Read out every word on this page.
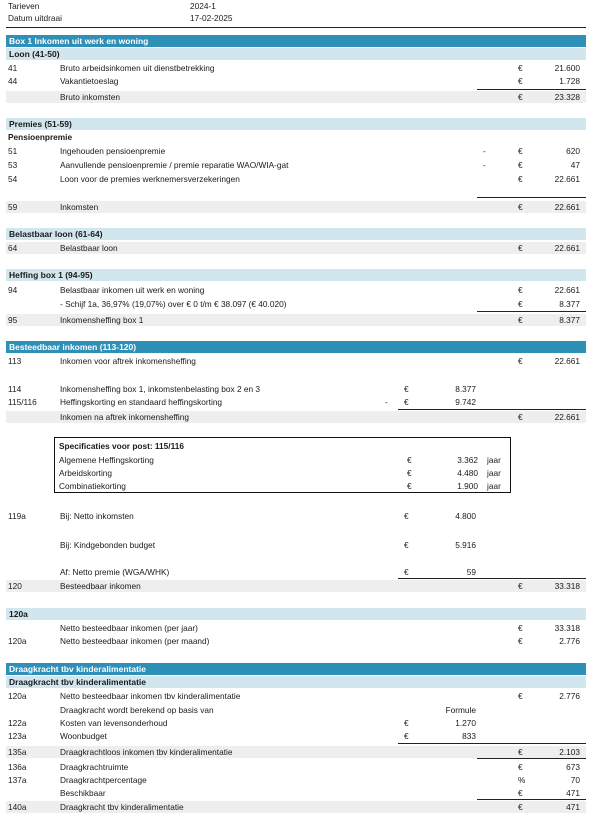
Tarieven	2024-1
Datum uitdraai	17-02-2025
Box 1 Inkomen uit werk en woning
Loon (41-50)
41	Bruto arbeidsinkomen uit dienstbetrekking	€	21.600
44	Vakantietoeslag	€	1.728
Bruto inkomsten	€	23.328
Premies (51-59)
Pensioenpremie
51	Ingehouden pensioenpremie	-	€	620
53	Aanvullende pensioenpremie / premie reparatie WAO/WIA-gat	-	€	47
54	Loon voor de premies werknemersverzekeringen	€	22.661
59	Inkomsten	€	22.661
Belastbaar loon (61-64)
64	Belastbaar loon	€	22.661
Heffing box 1 (94-95)
94	Belastbaar inkomen uit werk en woning	€	22.661
- Schijf 1a, 36,97% (19,07%) over € 0 t/m € 38.097 (€ 40.020)	€	8.377
95	Inkomensheffing box 1	€	8.377
Besteedbaar inkomen (113-120)
113	Inkomen voor aftrek inkomensheffing	€	22.661
114	Inkomensheffing box 1, inkomstenbelasting box 2 en 3	€	8.377
115/116	Heffingskorting en standaard heffingskorting	- €	9.742
Inkomen na aftrek inkomensheffing	€	22.661
Specificaties voor post: 115/116
Algemene Heffingskorting	€	3.362 jaar
Arbeidskorting	€	4.480 jaar
Combinatiekorting	€	1.900 jaar
119a	Bij: Netto inkomsten	€	4.800
Bij: Kindgebonden budget	€	5.916
Af: Netto premie (WGA/WHK)	€	59
120	Besteedbaar inkomen	€	33.318
120a
Netto besteedbaar inkomen (per jaar)	€	33.318
120a	Netto besteedbaar inkomen (per maand)	€	2.776
Draagkracht tbv kinderalimentatie
Draagkracht tbv kinderalimentatie
120a	Netto besteedbaar inkomen tbv kinderalimentatie	€	2.776
Draagkracht wordt berekend op basis van	Formule
122a	Kosten van levensonderhoud	€	1.270
123a	Woonbudget	€	833
135a	Draagkrachtloos inkomen tbv kinderalimentatie	€	2.103
136a	Draagkrachtruimte	€	673
137a	Draagkrachtpercentage	%	70
Beschikbaar	€	471
140a	Draagkracht tbv kinderalimentatie	€	471
